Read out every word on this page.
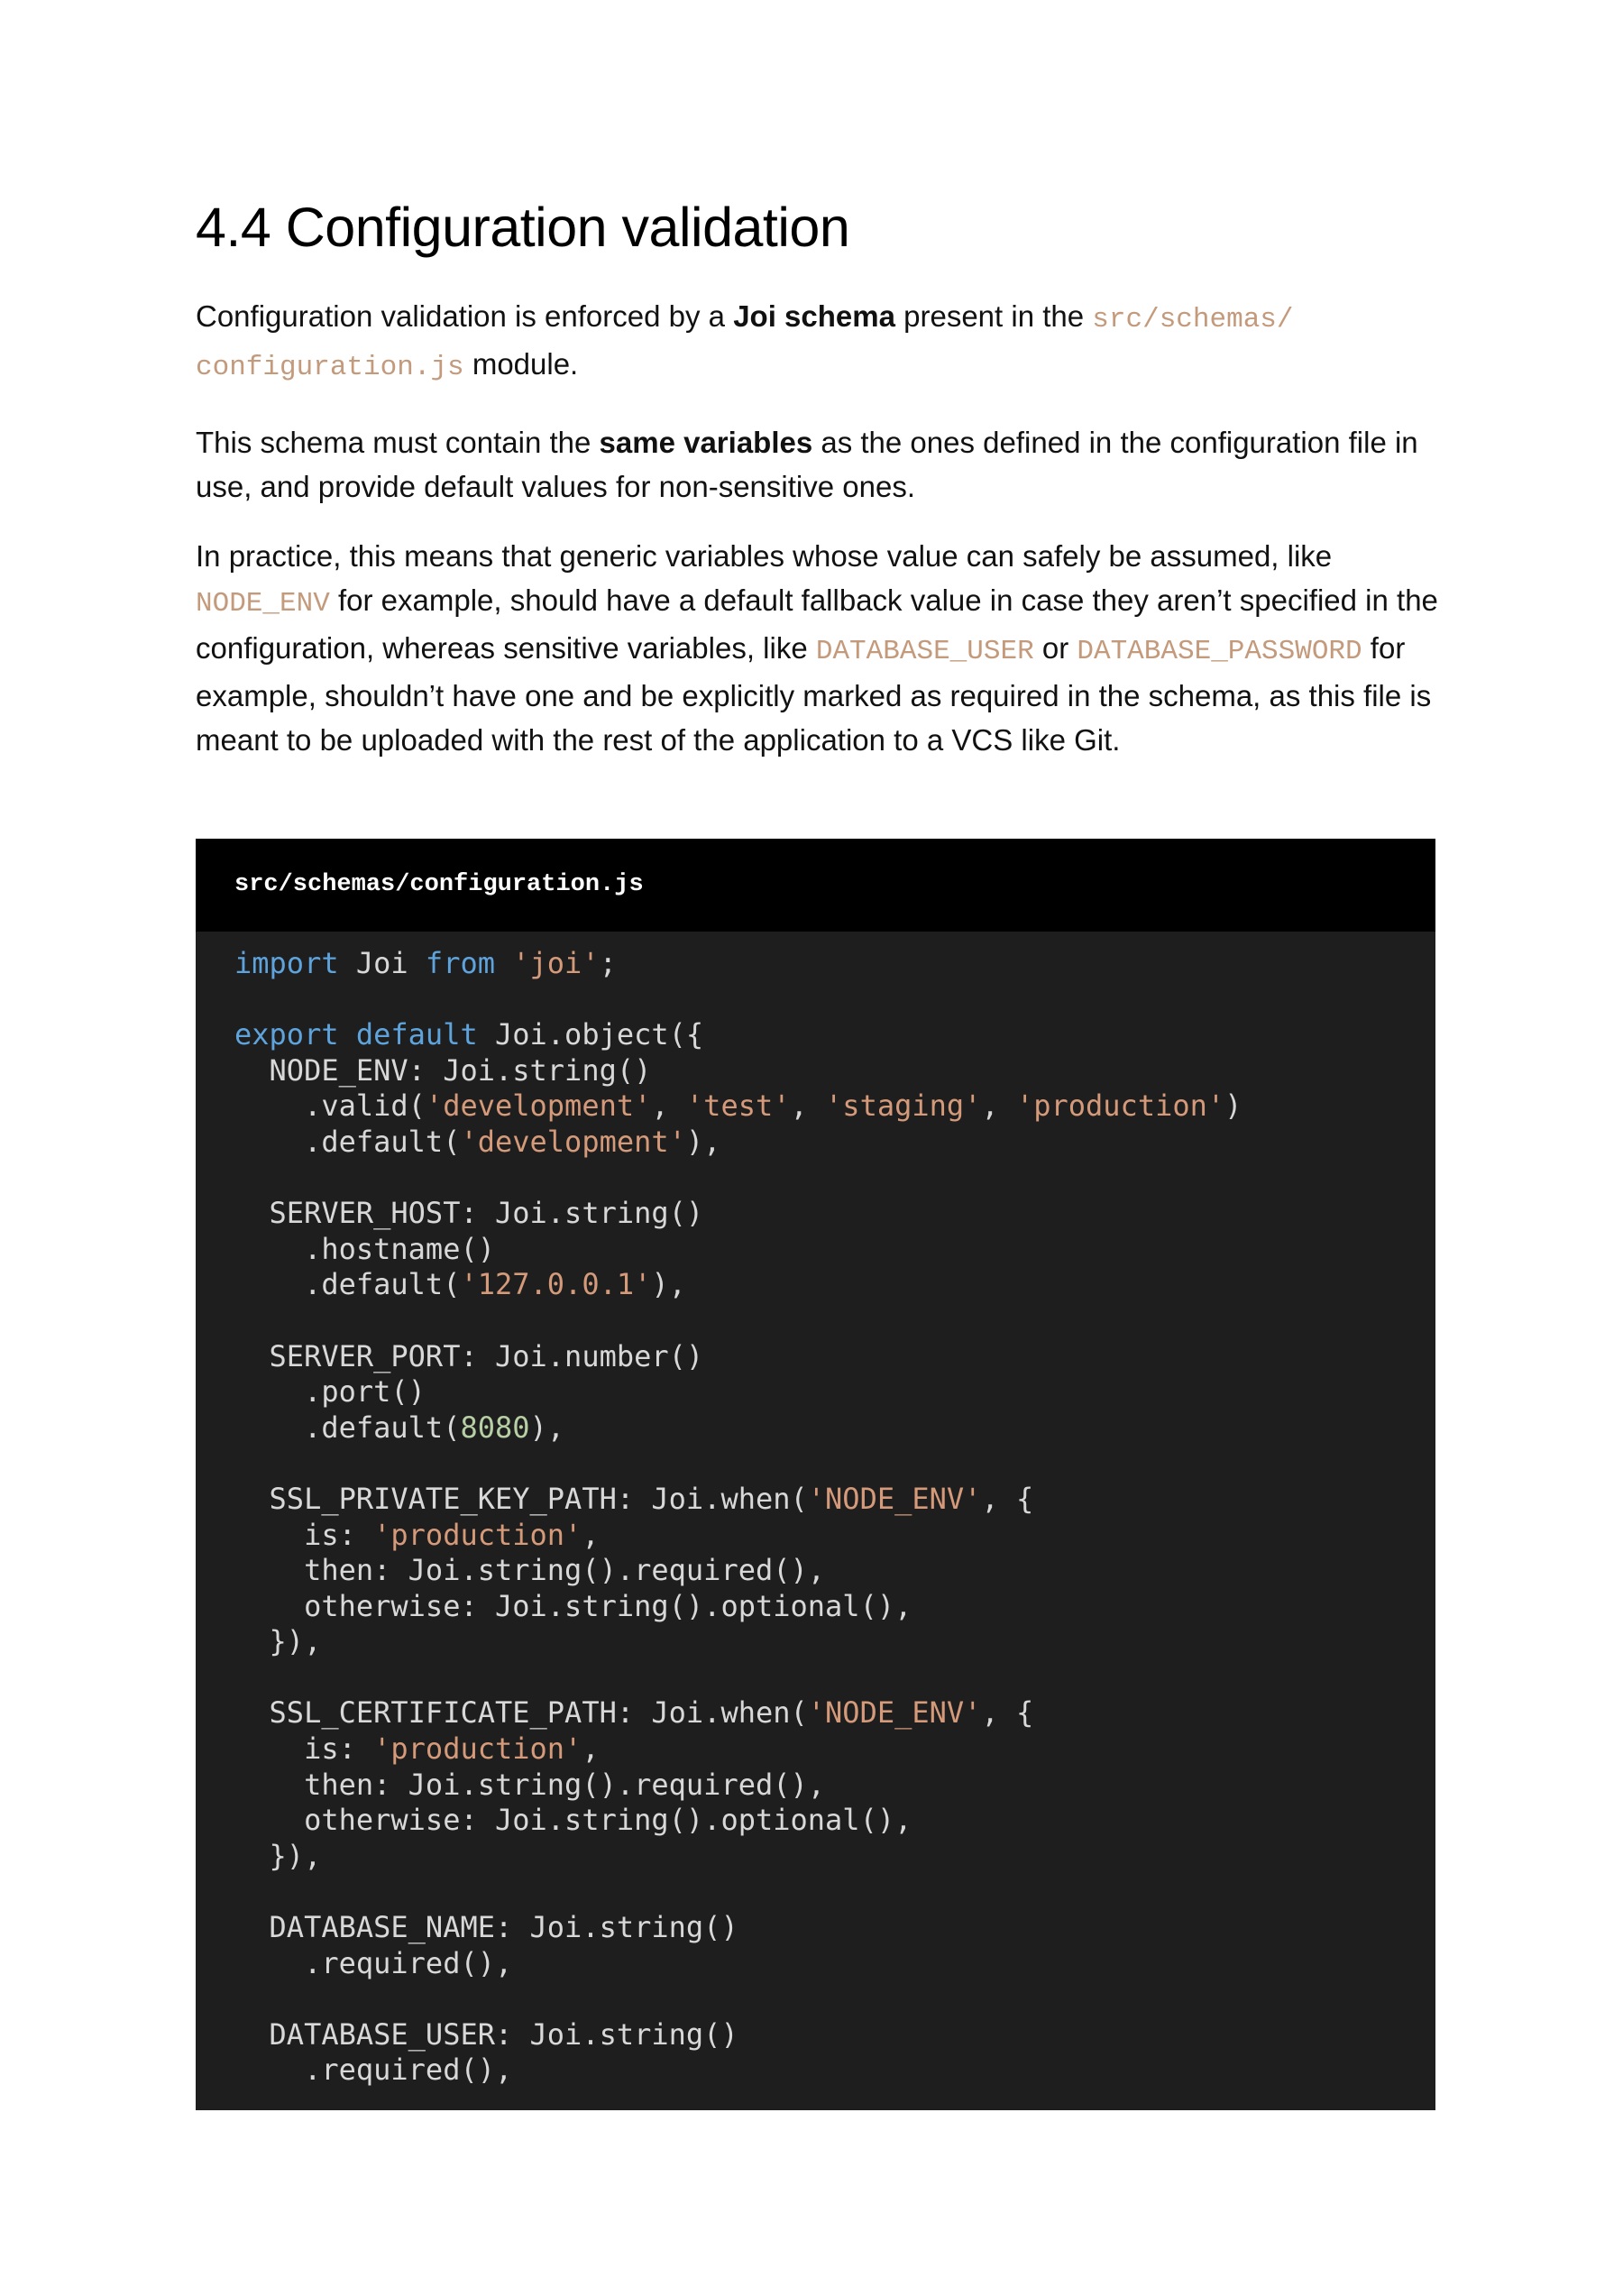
4.4 Configuration validation

Configuration validation is enforced by a Joi schema present in the src/schemas/ configuration.js module.

This schema must contain the same variables as the ones defined in the configuration file in use, and provide default values for non-sensitive ones.

In practice, this means that generic variables whose value can safely be assumed, like NODE_ENV for example, should have a default fallback value in case they aren’t specified in the configuration, whereas sensitive variables, like DATABASE_USER or DATABASE_PASSWORD for example, shouldn’t have one and be explicitly marked as required in the schema, as this file is meant to be uploaded with the rest of the application to a VCS like Git.

src/schemas/configuration.js
import Joi from 'joi';
export default Joi.object({
NODE_ENV: Joi.string()
.valid('development', 'test', 'staging', 'production')
.default('development'),
SERVER_HOST: Joi.string()
.hostname()
.default('127.0.0.1'),
SERVER_PORT: Joi.number()
.port()
.default(8080),
SSL_PRIVATE_KEY_PATH: Joi.when('NODE_ENV', {
is: 'production',
then: Joi.string().required(),
otherwise: Joi.string().optional(),
}),
SSL_CERTIFICATE_PATH: Joi.when('NODE_ENV', {
is: 'production',
then: Joi.string().required(),
otherwise: Joi.string().optional(),
}),
DATABASE_NAME: Joi.string()
.required(),
DATABASE_USER: Joi.string()
.required(),
